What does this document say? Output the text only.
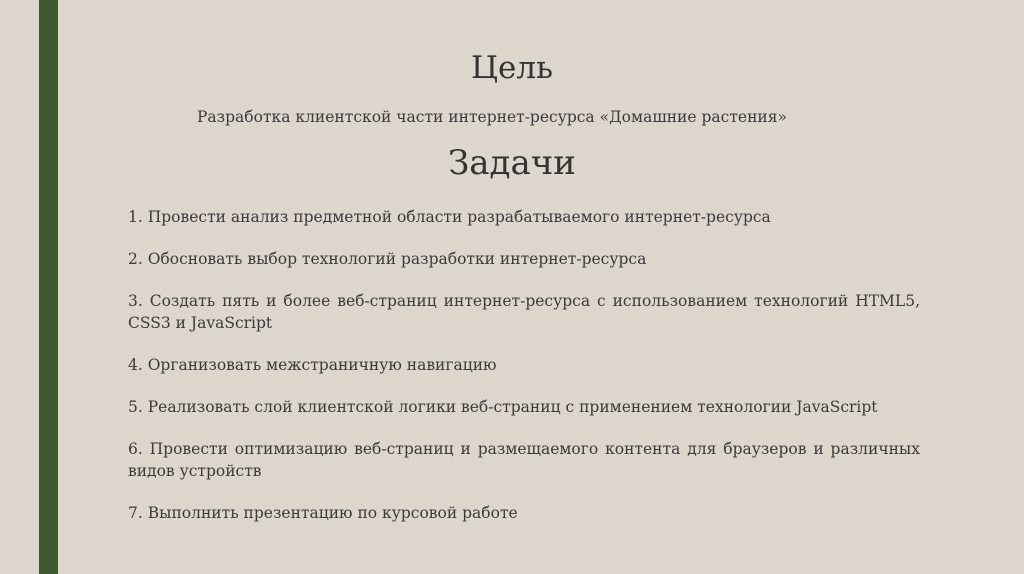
Цель
Разработка клиентской части интернет-ресурса «Домашние растения»
Задачи
1. Провести анализ предметной области разрабатываемого интернет-ресурса
2. Обосновать выбор технологий разработки интернет-ресурса
3. Создать пять и более веб-страниц интернет-ресурса с использованием технологий HTML5, CSS3 и JavaScript
4. Организовать межстраничную навигацию
5. Реализовать слой клиентской логики веб-страниц с применением технологии JavaScript
6. Провести оптимизацию веб-страниц и размещаемого контента для браузеров и различных видов устройств
7. Выполнить презентацию по курсовой работе
